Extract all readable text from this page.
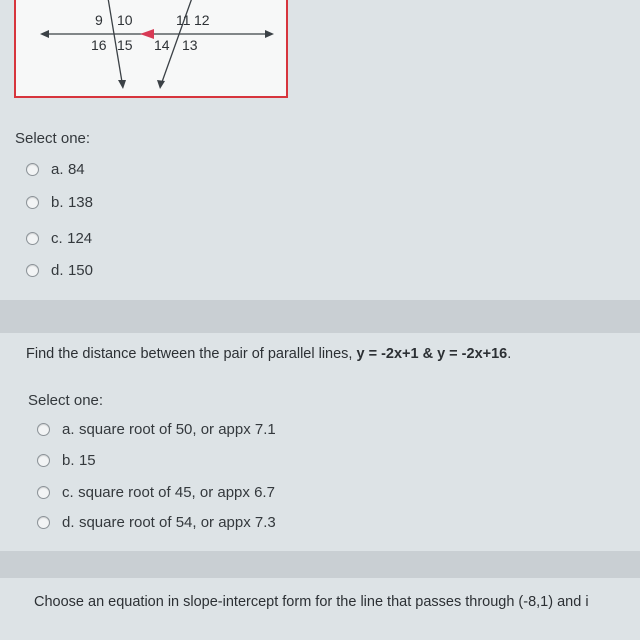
9 10	11 12
16 15 14 13
Select one:
a.
84
b.
138
c.
124
d.
150
Find the distance between the pair of parallel lines, y = -2x+1 & y = -2x+16.
Select one:
a.
square root of 50, or appx 7.1
b.
15
c.
square root of 45, or appx 6.7
d.
square root of 54, or appx 7.3
Choose an equation in slope-intercept form for the line that passes through (-8,1) and i
